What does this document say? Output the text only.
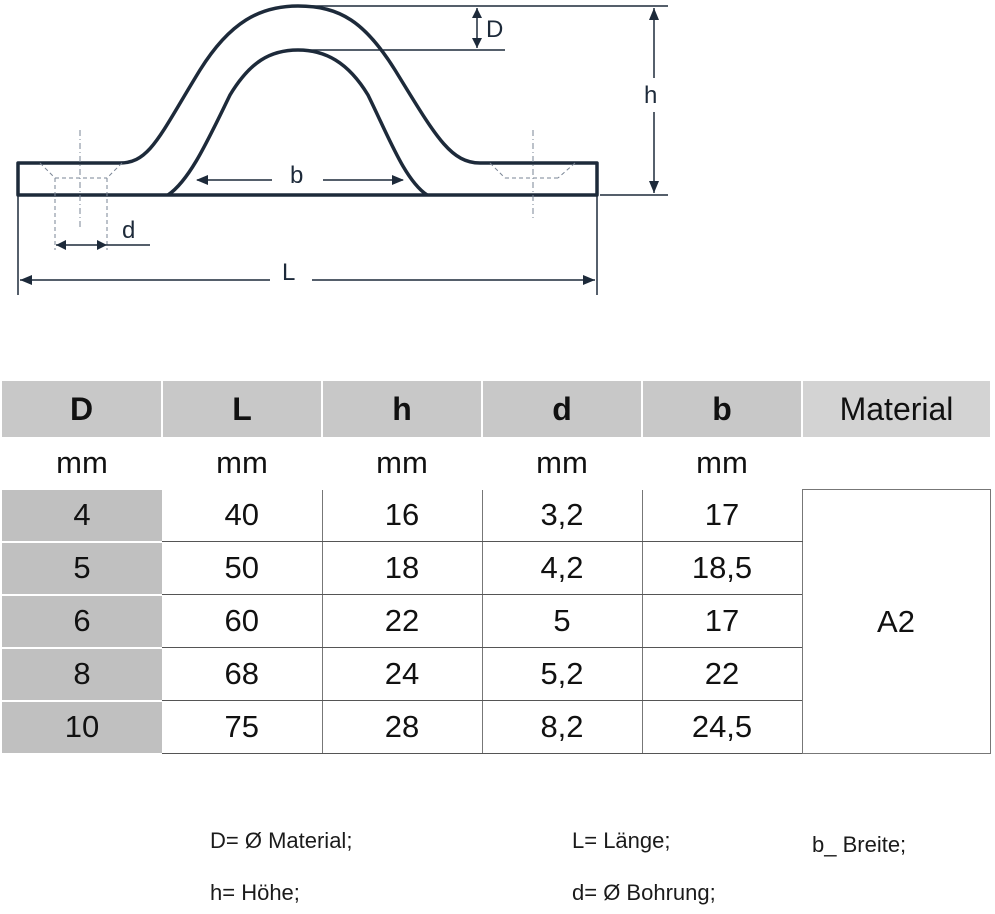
D
h
b
d
L
D	L	h	d	b	Material
mm	mm	mm	mm	mm	
4	40	16	3,2	17	A2
5	50	18	4,2	18,5	
6	60	22	5	17	
8	68	24	5,2	22	
10	75	28	8,2	24,5	
D= Ø Material;	L= Länge;	b_ Breite;
h= Höhe;	d= Ø Bohrung;
